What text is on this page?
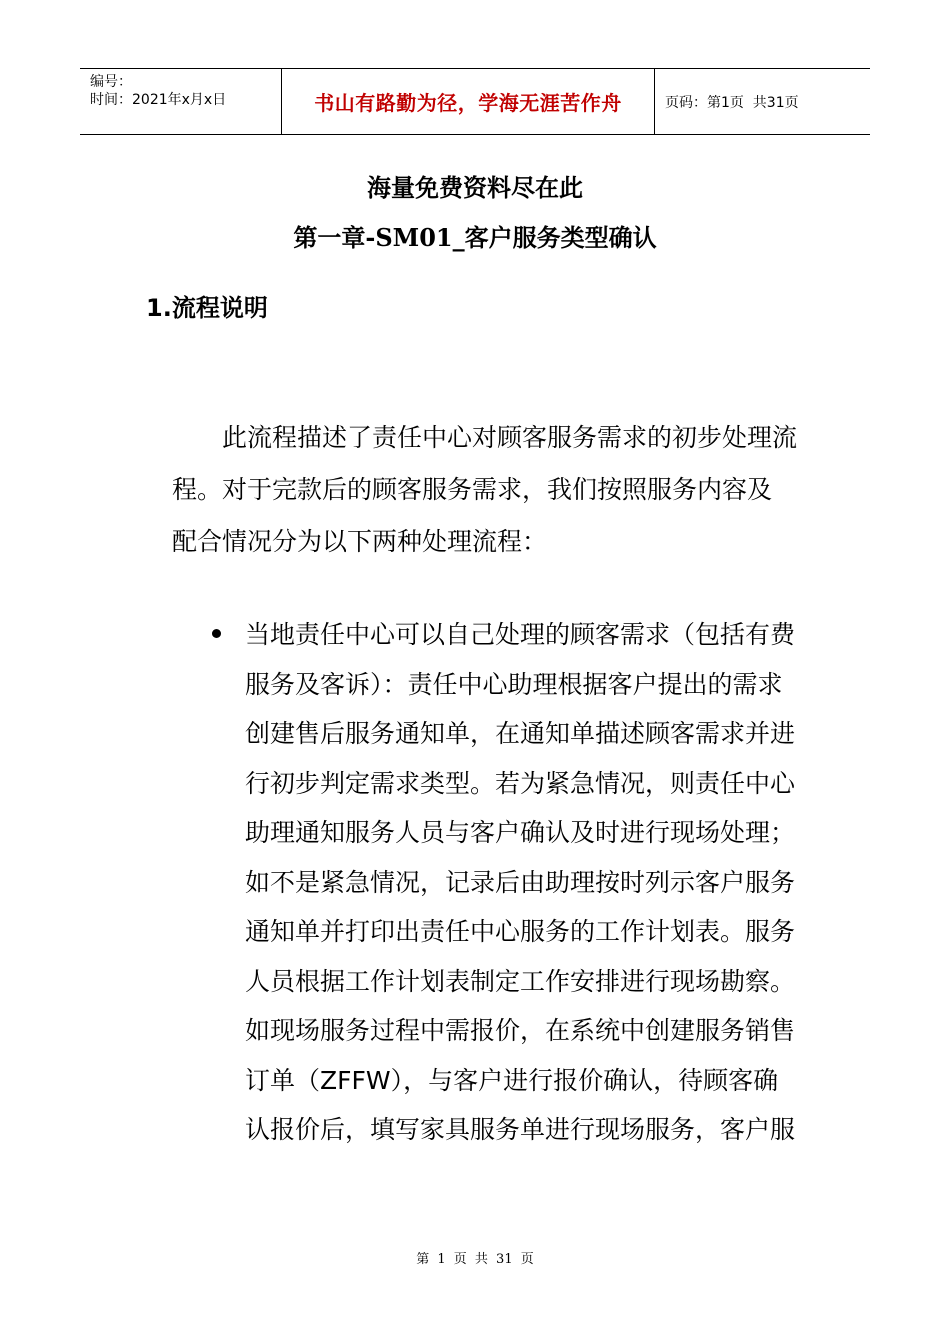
编号：
时间：2021年x月x日	书山有路勤为径，学海无涯苦作舟	页码：第1页  共31页
海量免费资料尽在此
第一章-SM01_客户服务类型确认
1.流程说明
　　此流程描述了责任中心对顾客服务需求的初步处理流
程。对于完款后的顾客服务需求，我们按照服务内容及
配合情况分为以下两种处理流程：
当地责任中心可以自己处理的顾客需求（包括有费
服务及客诉）：责任中心助理根据客户提出的需求
创建售后服务通知单，在通知单描述顾客需求并进
行初步判定需求类型。若为紧急情况，则责任中心
助理通知服务人员与客户确认及时进行现场处理；
如不是紧急情况，记录后由助理按时列示客户服务
通知单并打印出责任中心服务的工作计划表。服务
人员根据工作计划表制定工作安排进行现场勘察。
如现场服务过程中需报价，在系统中创建服务销售
订单（ZFFW），与客户进行报价确认，待顾客确
认报价后，填写家具服务单进行现场服务，客户服
第 1 页 共 31 页
